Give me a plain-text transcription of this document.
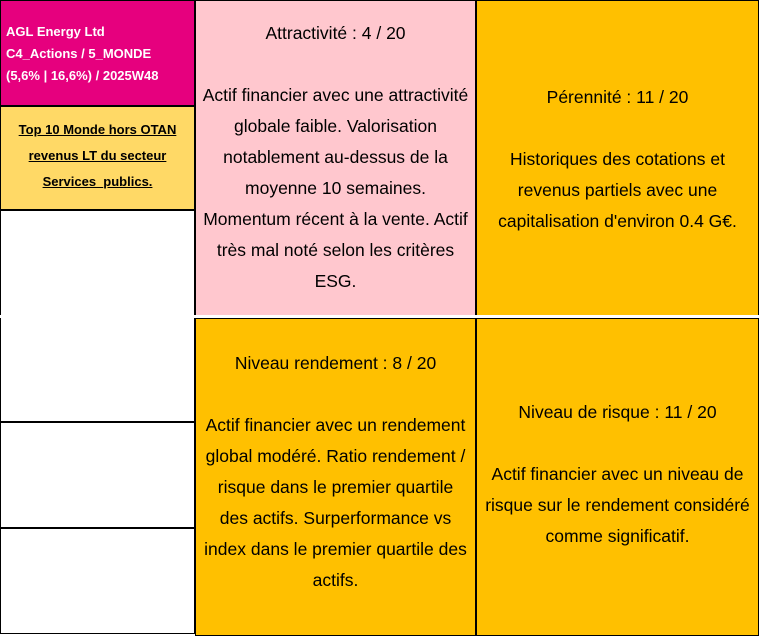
AGL Energy Ltd
C4_Actions / 5_MONDE
(5,6% | 16,6%) / 2025W48
Top 10 Monde hors OTAN revenus LT du secteur Services_publics.
Attractivité : 4 / 20
Actif financier avec une attractivité globale faible. Valorisation notablement au-dessus de la moyenne 10 semaines. Momentum récent à la vente. Actif très mal noté selon les critères ESG.
Pérennité : 11 / 20
Historiques des cotations et revenus partiels avec une capitalisation d'environ 0.4 G€.
Niveau rendement : 8 / 20
Actif financier avec un rendement global modéré. Ratio rendement / risque dans le premier quartile des actifs. Surperformance vs index dans le premier quartile des actifs.
Niveau de risque : 11 / 20
Actif financier avec un niveau de risque sur le rendement considéré comme significatif.
